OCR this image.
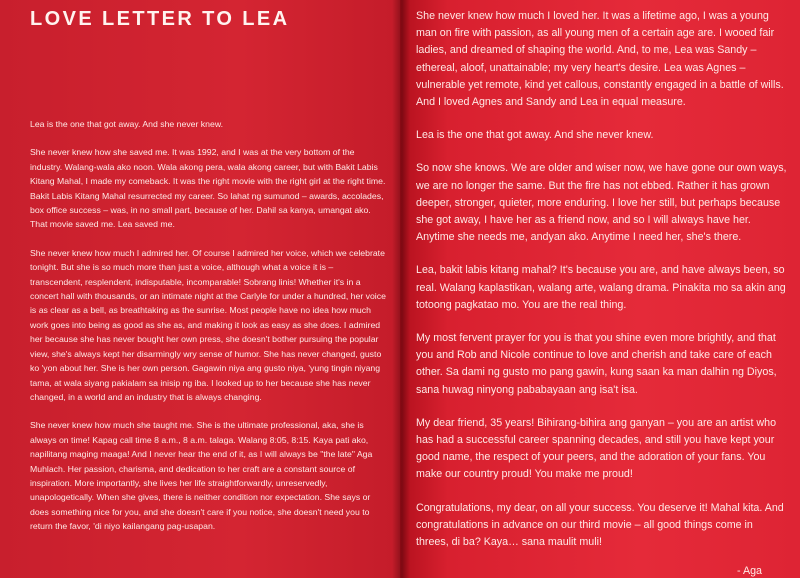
LOVE LETTER TO LEA

Lea is the one that got away. And she never knew.

She never knew how she saved me. It was 1992, and I was at the very bottom of the industry. Walang-wala ako noon. Wala akong pera, wala akong career, but with Bakit Labis Kitang Mahal, I made my comeback. It was the right movie with the right girl at the right time. Bakit Labis Kitang Mahal resurrected my career. So lahat ng sumunod – awards, accolades, box office success – was, in no small part, because of her. Dahil sa kanya, umangat ako. That movie saved me. Lea saved me.

She never knew how much I admired her. Of course I admired her voice, which we celebrate tonight. But she is so much more than just a voice, although what a voice it is – transcendent, resplendent, indisputable, incomparable! Sobrang linis! Whether it's in a concert hall with thousands, or an intimate night at the Carlyle for under a hundred, her voice is as clear as a bell, as breathtaking as the sunrise. Most people have no idea how much work goes into being as good as she as, and making it look as easy as she does. I admired her because she has never bought her own press, she doesn't bother pursuing the popular view, she's always kept her disarmingly wry sense of humor. She has never changed, gusto ko 'yon about her. She is her own person. Gagawin niya ang gusto niya, 'yung tingin niyang tama, at wala siyang pakialam sa inisip ng iba. I looked up to her because she has never changed, in a world and an industry that is always changing.

She never knew how much she taught me. She is the ultimate professional, aka, she is always on time! Kapag call time 8 a.m., 8 a.m. talaga. Walang 8:05, 8:15. Kaya pati ako, napilitang maging maaga! And I never hear the end of it, as I will always be "the late" Aga Muhlach. Her passion, charisma, and dedication to her craft are a constant source of inspiration. More importantly, she lives her life straightforwardly, unreservedly, unapologetically. When she gives, there is neither condition nor expectation. She says or does something nice for you, and she doesn't care if you notice, she doesn't need you to return the favor, 'di niyo kailangang pag-usapan.

She never knew how much I loved her. It was a lifetime ago, I was a young man on fire with passion, as all young men of a certain age are. I wooed fair ladies, and dreamed of shaping the world. And, to me, Lea was Sandy – ethereal, aloof, unattainable; my very heart's desire. Lea was Agnes – vulnerable yet remote, kind yet callous, constantly engaged in a battle of wills. And I loved Agnes and Sandy and Lea in equal measure.

Lea is the one that got away. And she never knew.

So now she knows. We are older and wiser now, we have gone our own ways, we are no longer the same. But the fire has not ebbed. Rather it has grown deeper, stronger, quieter, more enduring. I love her still, but perhaps because she got away, I have her as a friend now, and so I will always have her. Anytime she needs me, andyan ako. Anytime I need her, she's there.

Lea, bakit labis kitang mahal? It's because you are, and have always been, so real. Walang kaplastikan, walang arte, walang drama. Pinakita mo sa akin ang totoong pagkatao mo. You are the real thing.

My most fervent prayer for you is that you shine even more brightly, and that you and Rob and Nicole continue to love and cherish and take care of each other. Sa dami ng gusto mo pang gawin, kung saan ka man dalhin ng Diyos, sana huwag ninyong pababayaan ang isa't isa.

My dear friend, 35 years! Bihirang-bihira ang ganyan – you are an artist who has had a successful career spanning decades, and still you have kept your good name, the respect of your peers, and the adoration of your fans. You make our country proud! You make me proud!

Congratulations, my dear, on all your success. You deserve it! Mahal kita. And congratulations in advance on our third movie – all good things come in threes, di ba? Kaya… sana maulit muli!

- Aga
